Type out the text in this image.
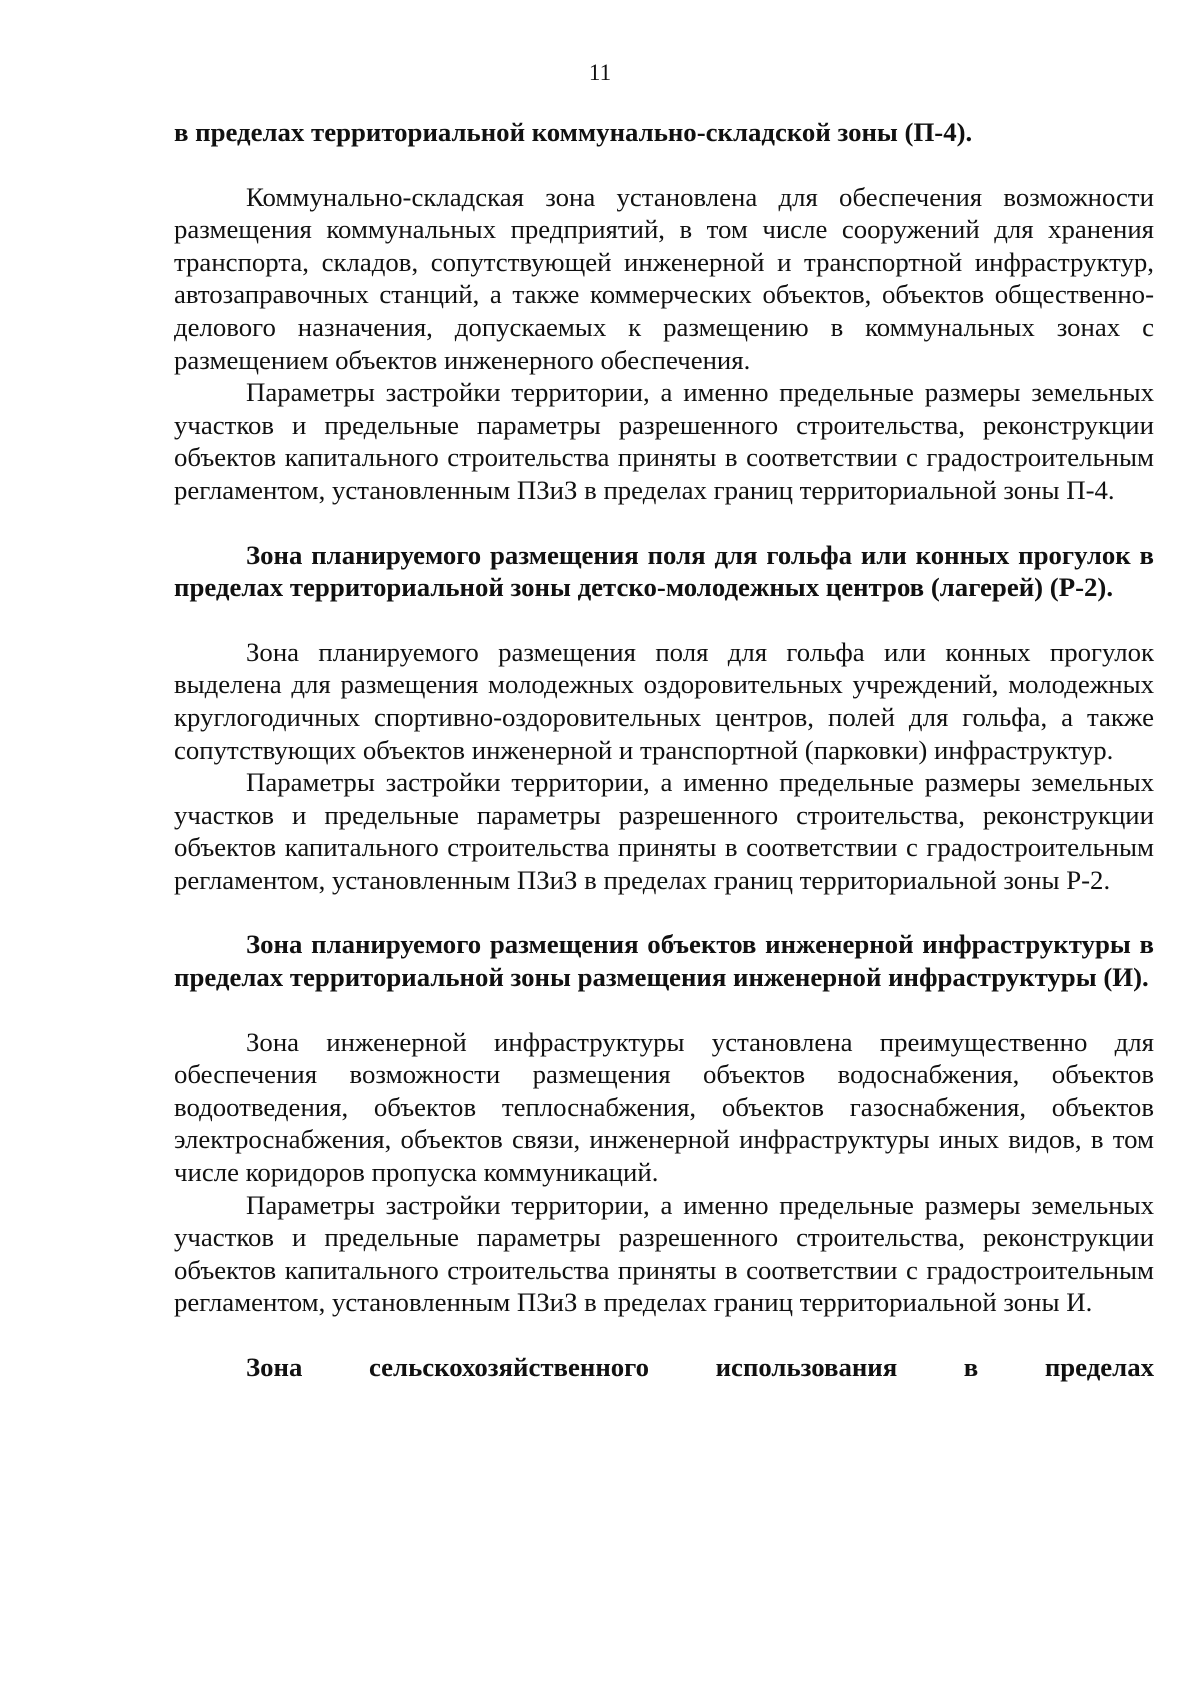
11

в пределах территориальной коммунально-складской зоны (П-4).

Коммунально-складская зона установлена для обеспечения возможности размещения коммунальных предприятий, в том числе сооружений для хранения транспорта, складов, сопутствующей инженерной и транспортной инфраструктур, автозаправочных станций, а также коммерческих объектов, объектов общественно-делового назначения, допускаемых к размещению в коммунальных зонах с размещением объектов инженерного обеспечения.

Параметры застройки территории, а именно предельные размеры земельных участков и предельные параметры разрешенного строительства, реконструкции объектов капитального строительства приняты в соответствии с градостроительным регламентом, установленным ПЗиЗ в пределах границ территориальной зоны П-4.

Зона планируемого размещения поля для гольфа или конных прогулок в пределах территориальной зоны детско-молодежных центров (лагерей) (Р-2).

Зона планируемого размещения поля для гольфа или конных прогулок выделена для размещения молодежных оздоровительных учреждений, молодежных круглогодичных спортивно-оздоровительных центров, полей для гольфа, а также сопутствующих объектов инженерной и транспортной (парковки) инфраструктур.

Параметры застройки территории, а именно предельные размеры земельных участков и предельные параметры разрешенного строительства, реконструкции объектов капитального строительства приняты в соответствии с градостроительным регламентом, установленным ПЗиЗ в пределах границ территориальной зоны Р-2.

Зона планируемого размещения объектов инженерной инфраструктуры в пределах территориальной зоны размещения инженерной инфраструктуры (И).

Зона инженерной инфраструктуры установлена преимущественно для обеспечения возможности размещения объектов водоснабжения, объектов водоотведения, объектов теплоснабжения, объектов газоснабжения, объектов электроснабжения, объектов связи, инженерной инфраструктуры иных видов, в том числе коридоров пропуска коммуникаций.

Параметры застройки территории, а именно предельные размеры земельных участков и предельные параметры разрешенного строительства, реконструкции объектов капитального строительства приняты в соответствии с градостроительным регламентом, установленным ПЗиЗ в пределах границ территориальной зоны И.

Зона сельскохозяйственного использования в пределах
